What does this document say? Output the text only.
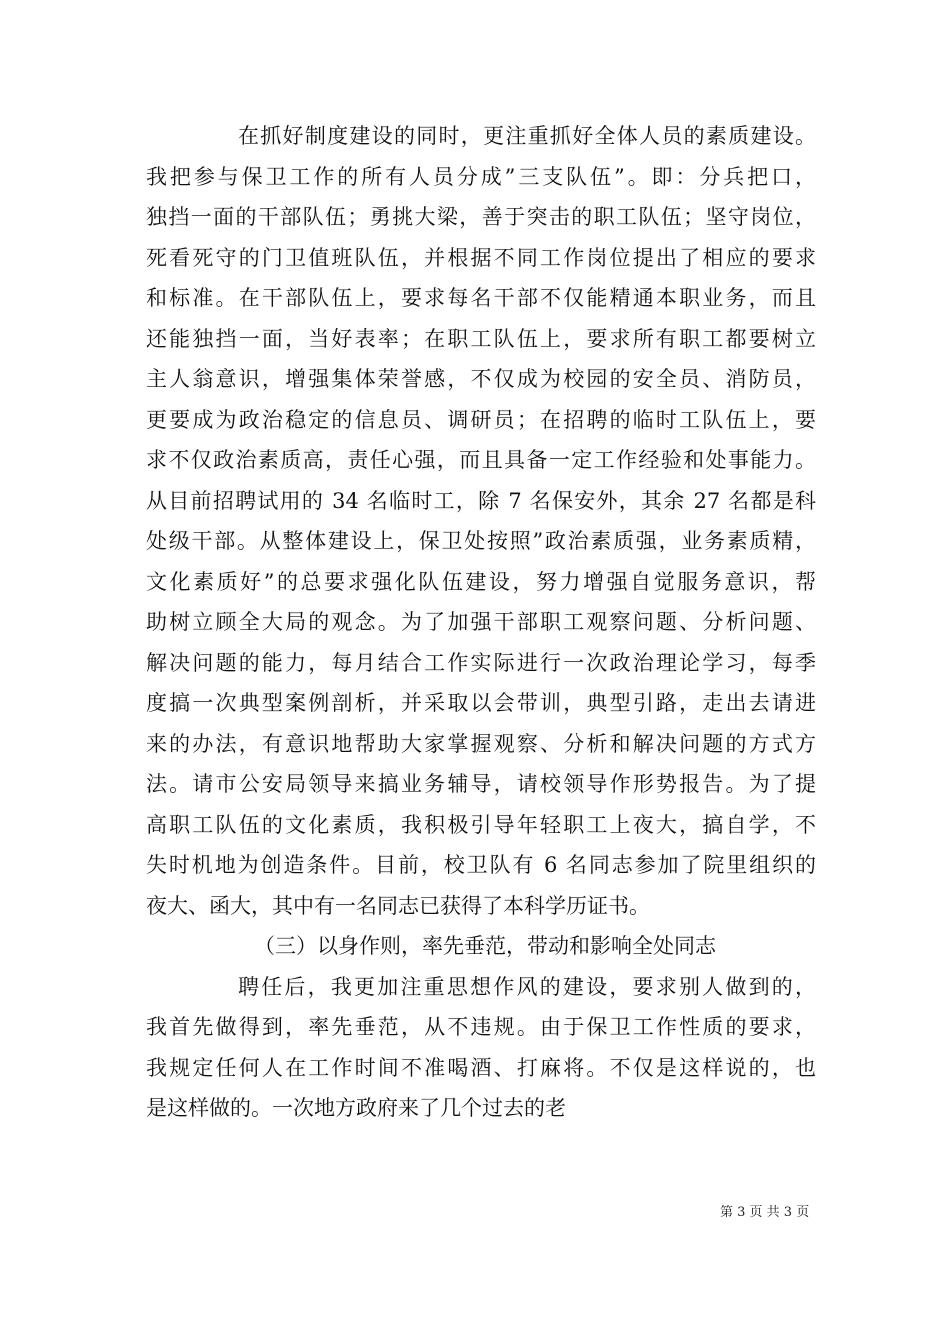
在抓好制度建设的同时，更注重抓好全体人员的素质建设。
我把参与保卫工作的所有人员分成”三支队伍”。即：分兵把口，
独挡一面的干部队伍；勇挑大梁，善于突击的职工队伍；坚守岗位，
死看死守的门卫值班队伍，并根据不同工作岗位提出了相应的要求
和标准。在干部队伍上，要求每名干部不仅能精通本职业务，而且
还能独挡一面，当好表率；在职工队伍上，要求所有职工都要树立
主人翁意识，增强集体荣誉感，不仅成为校园的安全员、消防员，
更要成为政治稳定的信息员、调研员；在招聘的临时工队伍上，要
求不仅政治素质高，责任心强，而且具备一定工作经验和处事能力。
从目前招聘试用的 34 名临时工，除 7 名保安外，其余 27 名都是科
处级干部。从整体建设上，保卫处按照”政治素质强，业务素质精，
文化素质好”的总要求强化队伍建设，努力增强自觉服务意识，帮
助树立顾全大局的观念。为了加强干部职工观察问题、分析问题、
解决问题的能力，每月结合工作实际进行一次政治理论学习，每季
度搞一次典型案例剖析，并采取以会带训，典型引路，走出去请进
来的办法，有意识地帮助大家掌握观察、分析和解决问题的方式方
法。请市公安局领导来搞业务辅导，请校领导作形势报告。为了提
高职工队伍的文化素质，我积极引导年轻职工上夜大，搞自学，不
失时机地为创造条件。目前，校卫队有 6 名同志参加了院里组织的
夜大、函大，其中有一名同志已获得了本科学历证书。
（三）以身作则，率先垂范，带动和影响全处同志
聘任后，我更加注重思想作风的建设，要求别人做到的，
我首先做得到，率先垂范，从不违规。由于保卫工作性质的要求，
我规定任何人在工作时间不准喝酒、打麻将。不仅是这样说的，也
是这样做的。一次地方政府来了几个过去的老
第 3 页 共 3 页
